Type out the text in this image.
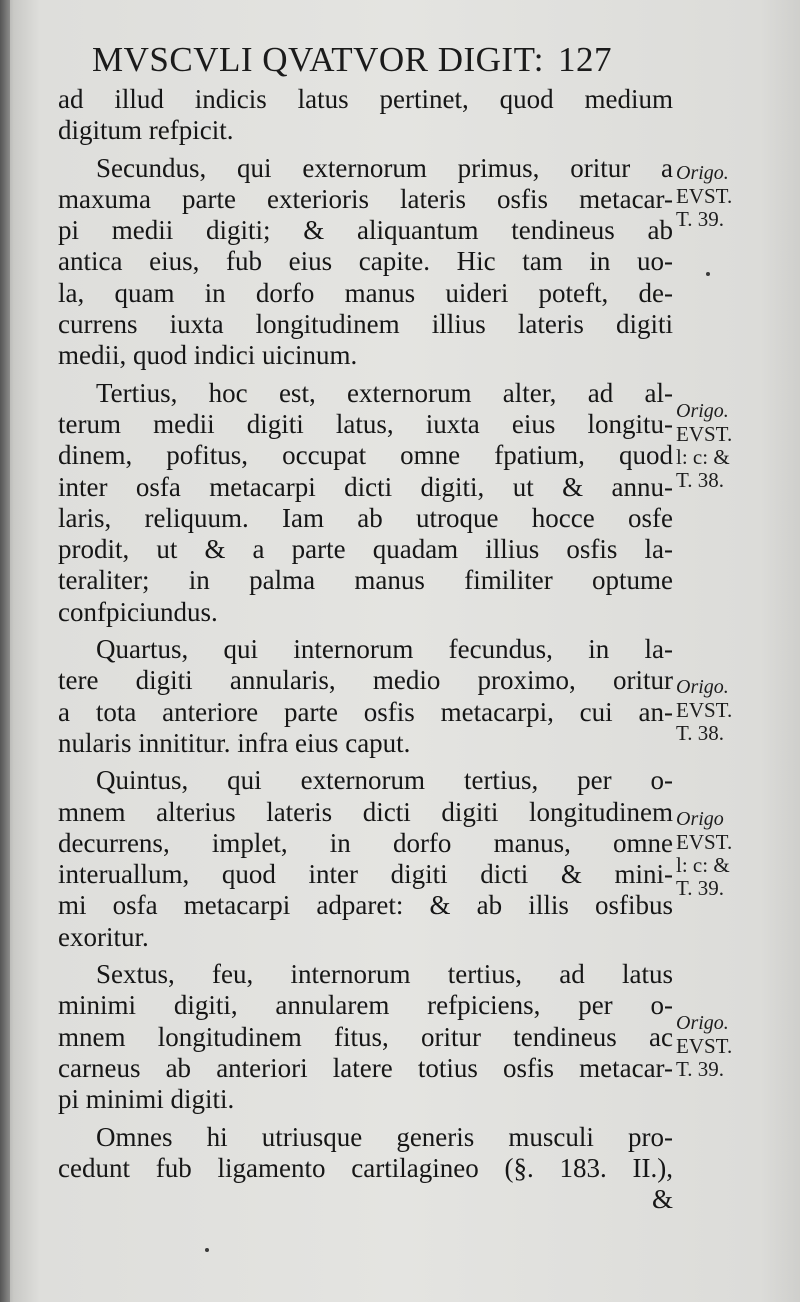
MVSCVLI QVATVOR DIGIT: 127
ad illud indicis latus pertinet, quod medium
digitum refpicit.
Secundus, qui externorum primus, oritur a
maxuma parte exterioris lateris osfis metacar-
pi medii digiti; & aliquantum tendineus ab
antica eius, fub eius capite. Hic tam in uo-
la, quam in dorfo manus uideri poteft, de-
currens iuxta longitudinem illius lateris digiti
medii, quod indici uicinum.
Tertius, hoc est, externorum alter, ad al-
terum medii digiti latus, iuxta eius longitu-
dinem, pofitus, occupat omne fpatium, quod
inter osfa metacarpi dicti digiti, ut & annu-
laris, reliquum. Iam ab utroque hocce osfe
prodit, ut & a parte quadam illius osfis la-
teraliter; in palma manus fimiliter optume
confpiciundus.
Quartus, qui internorum fecundus, in la-
tere digiti annularis, medio proximo, oritur
a tota anteriore parte osfis metacarpi, cui an-
nularis innititur. infra eius caput.
Quintus, qui externorum tertius, per o-
mnem alterius lateris dicti digiti longitudinem
decurrens, implet, in dorfo manus, omne
interuallum, quod inter digiti dicti & mini-
mi osfa metacarpi adparet: & ab illis osfibus
exoritur.
Sextus, feu, internorum tertius, ad latus
minimi digiti, annularem refpiciens, per o-
mnem longitudinem fitus, oritur tendineus ac
carneus ab anteriori latere totius osfis metacar-
pi minimi digiti.
Omnes hi utriusque generis musculi pro-
cedunt fub ligamento cartilagineo (§. 183. II.),
&
Origo.
EVST.
T. 39.
Origo.
EVST.
l: c: &
T. 38.
Origo.
EVST.
T. 38.
Origo
EVST.
l: c: &
T. 39.
Origo.
EVST.
T. 39.
